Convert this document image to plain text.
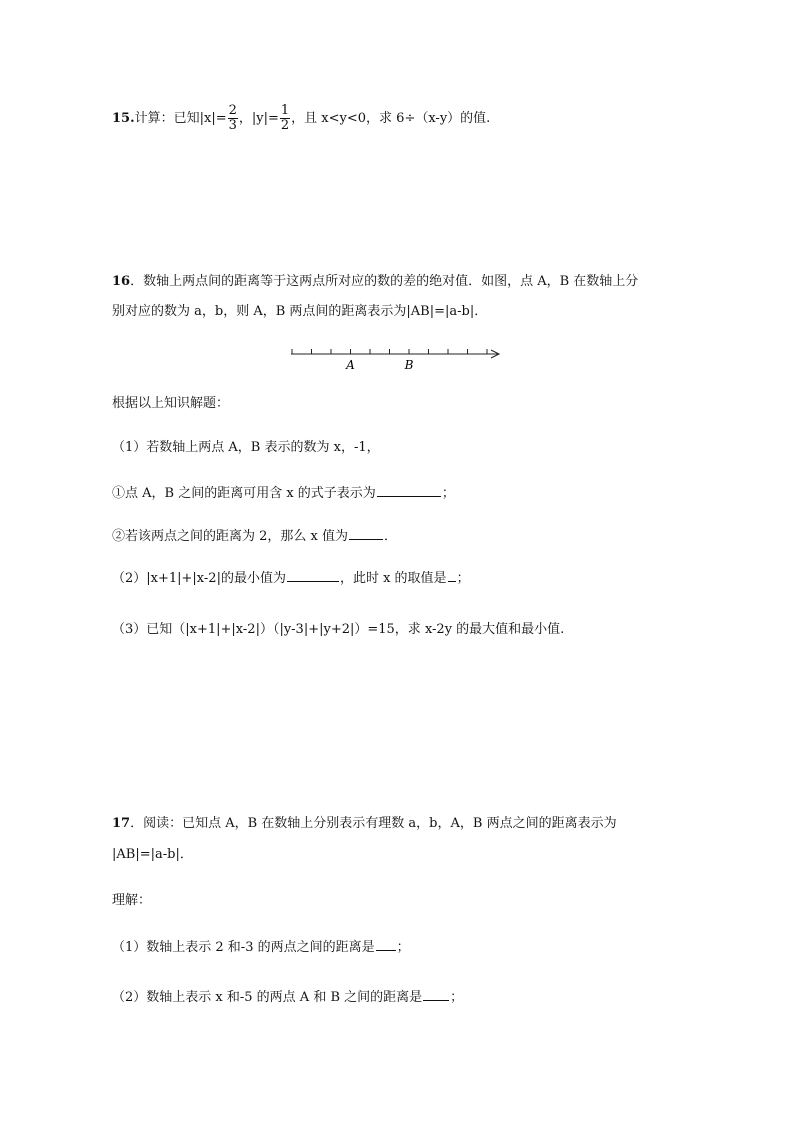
15.计算：已知$|x|= \frac{2}{3}$ ，$|y|= \frac{1}{2}$ ，且 x<y<0，求 6÷（x-y）的值.
16．数轴上两点间的距离等于这两点所对应的数的差的绝对值．如图，点 A，B 在数轴上分
别对应的数为 a，b，则 A，B 两点间的距离表示为|AB|=|a-b|．
A	B
根据以上知识解题：
（1）若数轴上两点 A，B 表示的数为 x，-1，
①点 A，B 之间的距离可用含 x 的式子表示为	；
②若该两点之间的距离为 2，那么 x 值为	．
（2）|x+1|+|x-2|的最小值为	，此时 x 的取值是 ；
（3）已知（|x+1|+|x-2|）（|y-3|+|y+2|）=15，求 x-2y 的最大值和最小值.
17．阅读：已知点 A，B 在数轴上分别表示有理数 a，b，A，B 两点之间的距离表示为
|AB|=|a-b|．
理解：
（1）数轴上表示 2 和-3 的两点之间的距离是 ；
（2）数轴上表示 x 和-5 的两点 A 和 B 之间的距离是 ；
